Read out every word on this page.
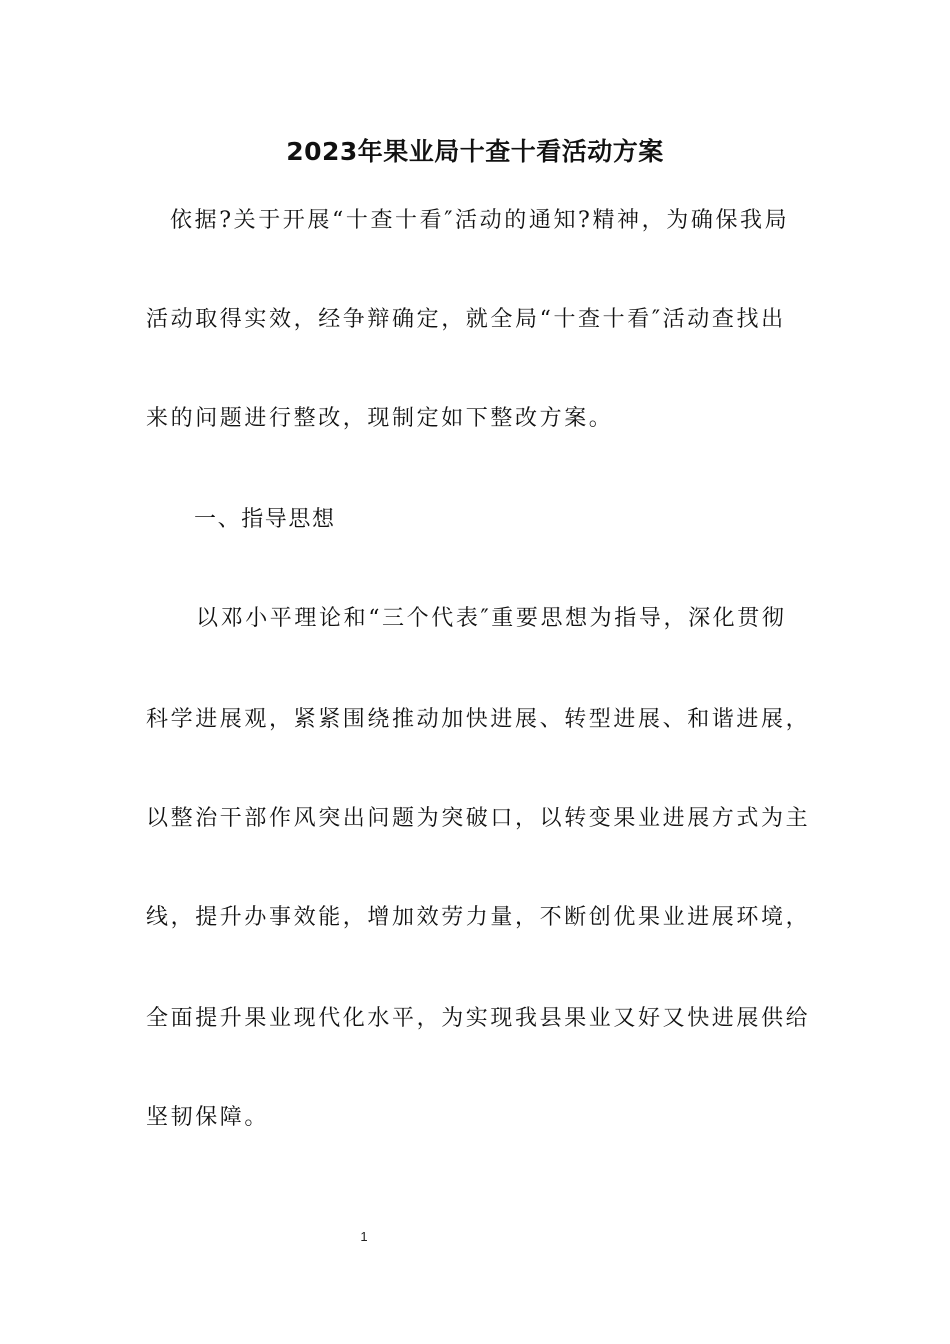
2023年果业局十查十看活动方案
依据?关于开展“十查十看″活动的通知?精神，为确保我局
活动取得实效，经争辩确定，就全局“十查十看″活动查找出
来的问题进行整改，现制定如下整改方案。
一、指导思想
以邓小平理论和“三个代表″重要思想为指导，深化贯彻
科学进展观，紧紧围绕推动加快进展、转型进展、和谐进展，
以整治干部作风突出问题为突破口，以转变果业进展方式为主
线，提升办事效能，增加效劳力量，不断创优果业进展环境，
全面提升果业现代化水平，为实现我县果业又好又快进展供给
坚韧保障。
1
